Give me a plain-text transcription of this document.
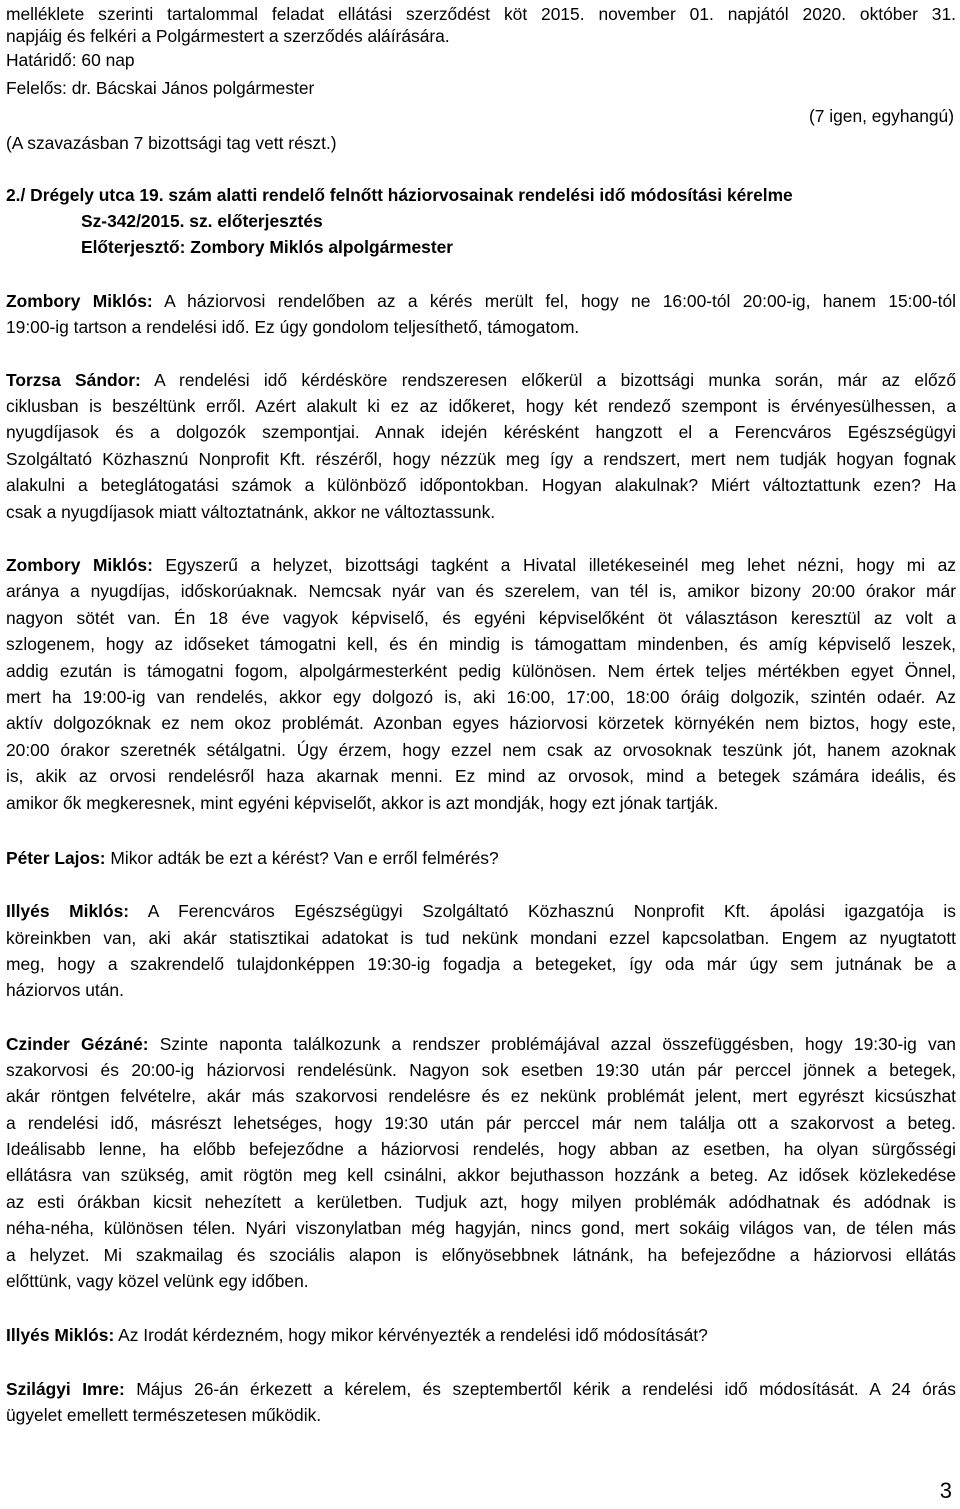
melléklete szerinti tartalommal feladat ellátási szerződést köt 2015. november 01. napjától 2020. október 31.

napjáig és felkéri a Polgármestert a szerződés aláírására.

Határidő: 60 nap

Felelős: dr. Bácskai János polgármester

(7 igen, egyhangú)

(A szavazásban 7 bizottsági tag vett részt.)

2./ Drégely utca 19. szám alatti rendelő felnőtt háziorvosainak rendelési idő módosítási kérelme

Sz-342/2015. sz. előterjesztés

Előterjesztő: Zombory Miklós alpolgármester

Zombory Miklós: A háziorvosi rendelőben az a kérés merült fel, hogy ne 16:00-tól 20:00-ig, hanem 15:00-tól

19:00-ig tartson a rendelési idő. Ez úgy gondolom teljesíthető, támogatom.

Torzsa Sándor: A rendelési idő kérdésköre rendszeresen előkerül a bizottsági munka során, már az előző

ciklusban is beszéltünk erről. Azért alakult ki ez az időkeret, hogy két rendező szempont is érvényesülhessen, a

nyugdíjasok és a dolgozók szempontjai. Annak idején kérésként hangzott el a Ferencváros Egészségügyi

Szolgáltató Közhasznú Nonprofit Kft. részéről, hogy nézzük meg így a rendszert, mert nem tudják hogyan fognak

alakulni a beteglátogatási számok a különböző időpontokban. Hogyan alakulnak? Miért változtattunk ezen? Ha

csak a nyugdíjasok miatt változtatnánk, akkor ne változtassunk.

Zombory Miklós: Egyszerű a helyzet, bizottsági tagként a Hivatal illetékeseinél meg lehet nézni, hogy mi az

aránya a nyugdíjas, időskorúaknak. Nemcsak nyár van és szerelem, van tél is, amikor bizony 20:00 órakor már

nagyon sötét van. Én 18 éve vagyok képviselő, és egyéni képviselőként öt választáson keresztül az volt a

szlogenem, hogy az időseket támogatni kell, és én mindig is támogattam mindenben, és amíg képviselő leszek,

addig ezután is támogatni fogom, alpolgármesterként pedig különösen. Nem értek teljes mértékben egyet Önnel,

mert ha 19:00-ig van rendelés, akkor egy dolgozó is, aki 16:00, 17:00, 18:00 óráig dolgozik, szintén odaér. Az

aktív dolgozóknak ez nem okoz problémát. Azonban egyes háziorvosi körzetek környékén nem biztos, hogy este,

20:00 órakor szeretnék sétálgatni. Úgy érzem, hogy ezzel nem csak az orvosoknak teszünk jót, hanem azoknak

is, akik az orvosi rendelésről haza akarnak menni. Ez mind az orvosok, mind a betegek számára ideális, és

amikor ők megkeresnek, mint egyéni képviselőt, akkor is azt mondják, hogy ezt jónak tartják.

Péter Lajos: Mikor adták be ezt a kérést? Van e erről felmérés?

Illyés Miklós: A Ferencváros Egészségügyi Szolgáltató Közhasznú Nonprofit Kft. ápolási igazgatója is

köreinkben van, aki akár statisztikai adatokat is tud nekünk mondani ezzel kapcsolatban. Engem az nyugtatott

meg, hogy a szakrendelő tulajdonképpen 19:30-ig fogadja a betegeket, így oda már úgy sem jutnának be a

háziorvos után.

Czinder Gézáné: Szinte naponta találkozunk a rendszer problémájával azzal összefüggésben, hogy 19:30-ig van

szakorvosi és 20:00-ig háziorvosi rendelésünk. Nagyon sok esetben 19:30 után pár perccel jönnek a betegek,

akár röntgen felvételre, akár más szakorvosi rendelésre és ez nekünk problémát jelent, mert egyrészt kicsúszhat

a rendelési idő, másrészt lehetséges, hogy 19:30 után pár perccel már nem találja ott a szakorvost a beteg.

Ideálisabb lenne, ha előbb befejeződne a háziorvosi rendelés, hogy abban az esetben, ha olyan sürgősségi

ellátásra van szükség, amit rögtön meg kell csinálni, akkor bejuthasson hozzánk a beteg. Az idősek közlekedése

az esti órákban kicsit nehezített a kerületben. Tudjuk azt, hogy milyen problémák adódhatnak és adódnak is

néha-néha, különösen télen. Nyári viszonylatban még hagyján, nincs gond, mert sokáig világos van, de télen más

a helyzet. Mi szakmailag és szociális alapon is előnyösebbnek látnánk, ha befejeződne a háziorvosi ellátás

előttünk, vagy közel velünk egy időben.

Illyés Miklós: Az Irodát kérdezném, hogy mikor kérvényezték a rendelési idő módosítását?

Szilágyi Imre: Május 26-án érkezett a kérelem, és szeptembertől kérik a rendelési idő módosítását. A 24 órás

ügyelet emellett természetesen működik.

3
